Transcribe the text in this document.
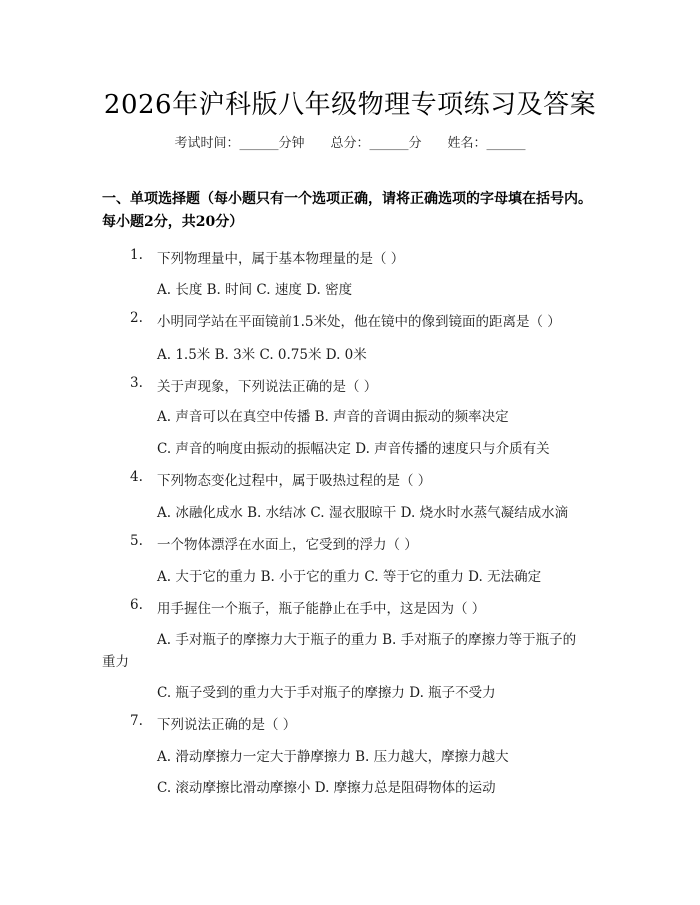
2026年沪科版八年级物理专项练习及答案
考试时间：______分钟 总分：______分 姓名：______
一、单项选择题（每小题只有一个选项正确，请将正确选项的字母填在括号内。每小题2分，共20分）
1.	下列物理量中，属于基本物理量的是（ ）
A. 长度 B. 时间 C. 速度 D. 密度
2.	小明同学站在平面镜前1.5米处，他在镜中的像到镜面的距离是（ ）
A. 1.5米 B. 3米 C. 0.75米 D. 0米
3.	关于声现象，下列说法正确的是（ ）
A. 声音可以在真空中传播 B. 声音的音调由振动的频率决定
C. 声音的响度由振动的振幅决定 D. 声音传播的速度只与介质有关
4.	下列物态变化过程中，属于吸热过程的是（ ）
A. 冰融化成水 B. 水结冰 C. 湿衣服晾干 D. 烧水时水蒸气凝结成水滴
5.	一个物体漂浮在水面上，它受到的浮力（ ）
A. 大于它的重力 B. 小于它的重力 C. 等于它的重力 D. 无法确定
6.	用手握住一个瓶子，瓶子能静止在手中，这是因为（ ）
A. 手对瓶子的摩擦力大于瓶子的重力 B. 手对瓶子的摩擦力等于瓶子的
重力
C. 瓶子受到的重力大于手对瓶子的摩擦力 D. 瓶子不受力
7.	下列说法正确的是（ ）
A. 滑动摩擦力一定大于静摩擦力 B. 压力越大，摩擦力越大
C. 滚动摩擦比滑动摩擦小 D. 摩擦力总是阻碍物体的运动
